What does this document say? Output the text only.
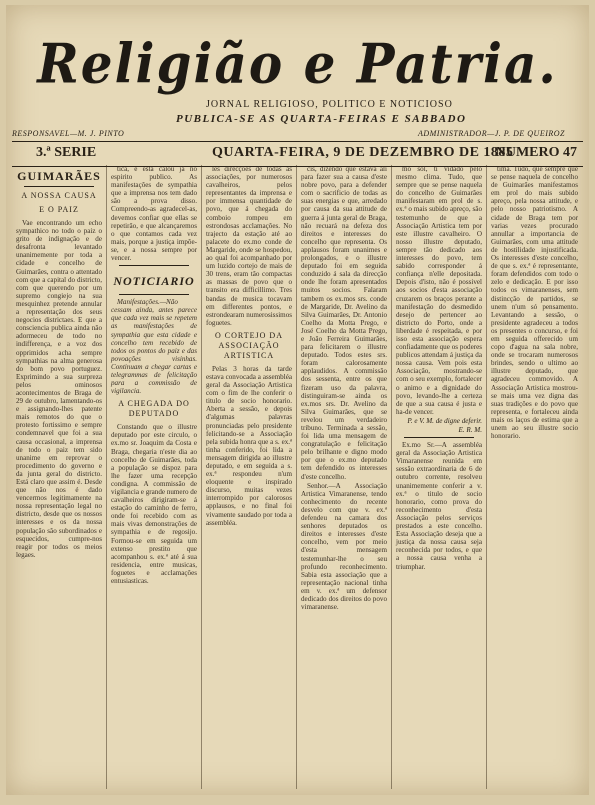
Religião e Patria.
JORNAL RELIGIOSO, POLITICO E NOTICIOSO
PUBLICA-SE AS QUARTA-FEIRAS E SABBADO
RESPONSAVEL—M. J. PINTO	ADMINISTRADOR—J. P. DE QUEIROZ
3.ª SERIE	QUARTA-FEIRA, 9 DE DEZEMBRO DE 1885
NUMERO 47
GUIMARÃES
A NOSSA CAUSA
E O PAIZ

Vae encontrando um echo sympathico no todo o paiz o grito de indignação e de desafronta levantado unanimemente por toda a cidade e concelho de Guimarães, contra o attentado com que a capital do districto, com que querendo por um supremo congiejo na sua mesquinhez pretende annular a representação dos seus negocios districtaes. E que a consciencia publica ainda não adormeceu de todo no indifferença, e a voz dos opprimidos acha sempre sympathias na alma generosa do bom povo portuguez. Exprimindo a sua surpreza pelos ominosos acontecimentos de Braga de 29 de outubro, lamentando-os e assignando-lhes patente mais remotos do que o protesto fortissimo e sempre condemnavel que foi a sua causa occasional, a imprensa de todo o paiz tem sido unanime em reprovar o procedimento do governo e da junta geral do districto. Está claro que assim é. Desde que não nos é dado vencermos legitimamente na nossa representação legal no districto, desde que os nossos interesses e os da nossa população são subordinados e esquecidos, cumpre-nos reagir por todos os meios legaes.

tica, e esta calou já no espirito publico. As manifestações de sympathia que a imprensa nos tem dado são a prova disso. Compreendo-as agradecel-as, devemos confiar que ellas se repetirão, e que alcançaremos o que contamos cada vez mais, porque a justiça impõe-se, e a nossa sempre por vencer.

NOTICIARIO

Manifestações.—Não cessam ainda, antes parece que cada vez mais se repetem as manifestações de sympathia que esta cidade e concelho tem recebido de todos os pontos do paiz e das povoações visinhas. Continuam a chegar cartas e telegrammas de felicitação para a commissão de vigilancia.

A CHEGADA DO DEPUTADO

Constando que o illustre deputado por este circulo, o ex.mo sr. Joaquim da Costa e Braga, chegaria n'este dia ao concelho de Guimarães, toda a população se dispoz para lhe fazer uma recepção condigna. A commissão de vigilancia e grande numero de cavalheiros dirigiram-se á estação do caminho de ferro, onde foi recebido com as mais vivas demonstrações de sympathia e de regosijo. Formou-se em seguida um extenso prestito que acompanhou s. ex.ª até á sua residencia, entre musicas, foguetes e acclamações entusiasticas.

les direcções de todas as associações, por numerosos cavalheiros, pelos representantes da imprensa e por immensa quantidade de povo, que á chegada do comboio rompeu em estrondosas acclamações. No trajecto da estação até ao palacete do ex.mo conde de Margaride, onde se hospedou, ao qual foi acompanhado por um luzido cortejo de mais de 30 trens, eram tão compactas as massas de povo que o transito era difficillimo. Tres bandas de musica tocavam em differentes pontos, e estrondearam numerosissimos foguetes.

O CORTEJO DA ASSOCIAÇÃO ARTISTICA

Pelas 3 horas da tarde estava convocada a assembléa geral da Associação Artistica com o fim de lhe conferir o titulo de socio honorario. Aberta a sessão, e depois d'algumas palavras pronunciadas pelo presidente felicitando-se a Associação pela subida honra que a s. ex.ª tinha conferido, foi lida a mensagem dirigida ao illustre deputado, e em seguida a s. ex.ª respondeu n'um eloquente e inspirado discurso, muitas vezes interrompido por calorosos applausos, e no final foi vivamente saudado por toda a assembléa.

cis, dizendo que estava ali para fazer sua a causa d'este nobre povo, para a defender com o sacrificio de todas as suas energias e que, arredado por causa da sua attitude de guerra á junta geral de Braga, não recuará na defeza dos direitos e interesses do concelho que representa. Os applausos foram unanimes e prolongados, e o illustre deputado foi em seguida conduzido á sala da direcção onde lhe foram apresentados muitos socios. Falaram tambem os ex.mos srs. conde de Margaride, Dr. Avelino da Silva Guimarães, Dr. Antonio Coelho da Motta Prego, e José Coelho da Motta Prego, e João Ferreira Guimarães, para felicitarem o illustre deputado. Todos estes srs. foram calorosamente applaudidos. A commissão dos sessenta, entre os que fizeram uso da palavra, distinguiram-se ainda os ex.mos srs. Dr. Avelino da Silva Guimarães, que se revelou um verdadeiro tribuno. Terminada a sessão, foi lida uma mensagem de congratulação e felicitação pelo brilhante e digno modo por que o ex.mo deputado tem defendido os interesses d'este concelho.

Senhor.—A Associação Artistica Vimaranense, tendo conhecimento do recente desvelo com que v. ex.ª defendeu na camara dos senhores deputados os direitos e interesses d'este concelho, vem por meio d'esta mensagem testemunhar-lhe o seu profundo reconhecimento. Sabia esta associação que a representação nacional tinha em v. ex.ª um defensor dedicado dos direitos do povo vimaranense.

mo sol, ti vidado pelo mesmo clima. Tudo, que sempre que se pense naquela do concelho de Guimarães manifestaram em prol de s. ex.ª o mais subido apreço, são testemunho de que a Associação Artistica tem por este illustre cavalheiro. O nosso illustre deputado, sempre tão dedicado aos interesses do povo, tem sabido corresponder á confiança n'elle depositada. Depois d'isto, não é possivel aos socios d'esta associação cruzarem os braços perante a manifestação do desmedido desejo de pertencer ao districto do Porto, onde a liberdade é respeitada, e por isso esta associação espera confiadamente que os poderes publicos attendam á justiça da nossa causa. Vem pois esta Associação, mostrando-se com o seu exemplo, fortalecer o animo e a dignidade do povo, levando-lhe a certeza de que a sua causa é justa e ha-de vencer.

P. e V. M. de digne deferir.

E. R. M.

Ex.mo Sr.—A assembléa geral da Associação Artistica Vimaranense reunida em sessão extraordinaria de 6 de outubro corrente, resolveu unanimemente conferir a v. ex.ª o titulo de socio honorario, como prova do reconhecimento d'esta Associação pelos serviços prestados a este concelho. Esta Associação deseja que a justiça da nossa causa seja reconhecida por todos, e que a nossa causa venha a triumphar.

tima. Tudo, que sempre que se pense naquela de concelho de Guimarães manifestamos em prol do mais subido apreço, pela nossa attitude, e pelo nosso patriotismo. A cidade de Braga tem por varias vezes procurado annullar a importancia de Guimarães, com uma attitude de hostilidade injustificada. Os interesses d'este concelho, de que s. ex.ª é representante, foram defendidos com todo o zelo e dedicação. E por isso todos os vimaranenses, sem distincção de partidos, se unem n'um só pensamento. Levantando a sessão, o presidente agradeceu a todos os presentes o concurso, e foi em seguida offerecido um copo d'agua na sala nobre, onde se trocaram numerosos brindes, sendo o ultimo ao illustre deputado, que agradeceu commovido. A Associação Artistica mostrou-se mais uma vez digna das suas tradições e do povo que representa, e fortaleceu ainda mais os laços de estima que a unem ao seu illustre socio honorario.
